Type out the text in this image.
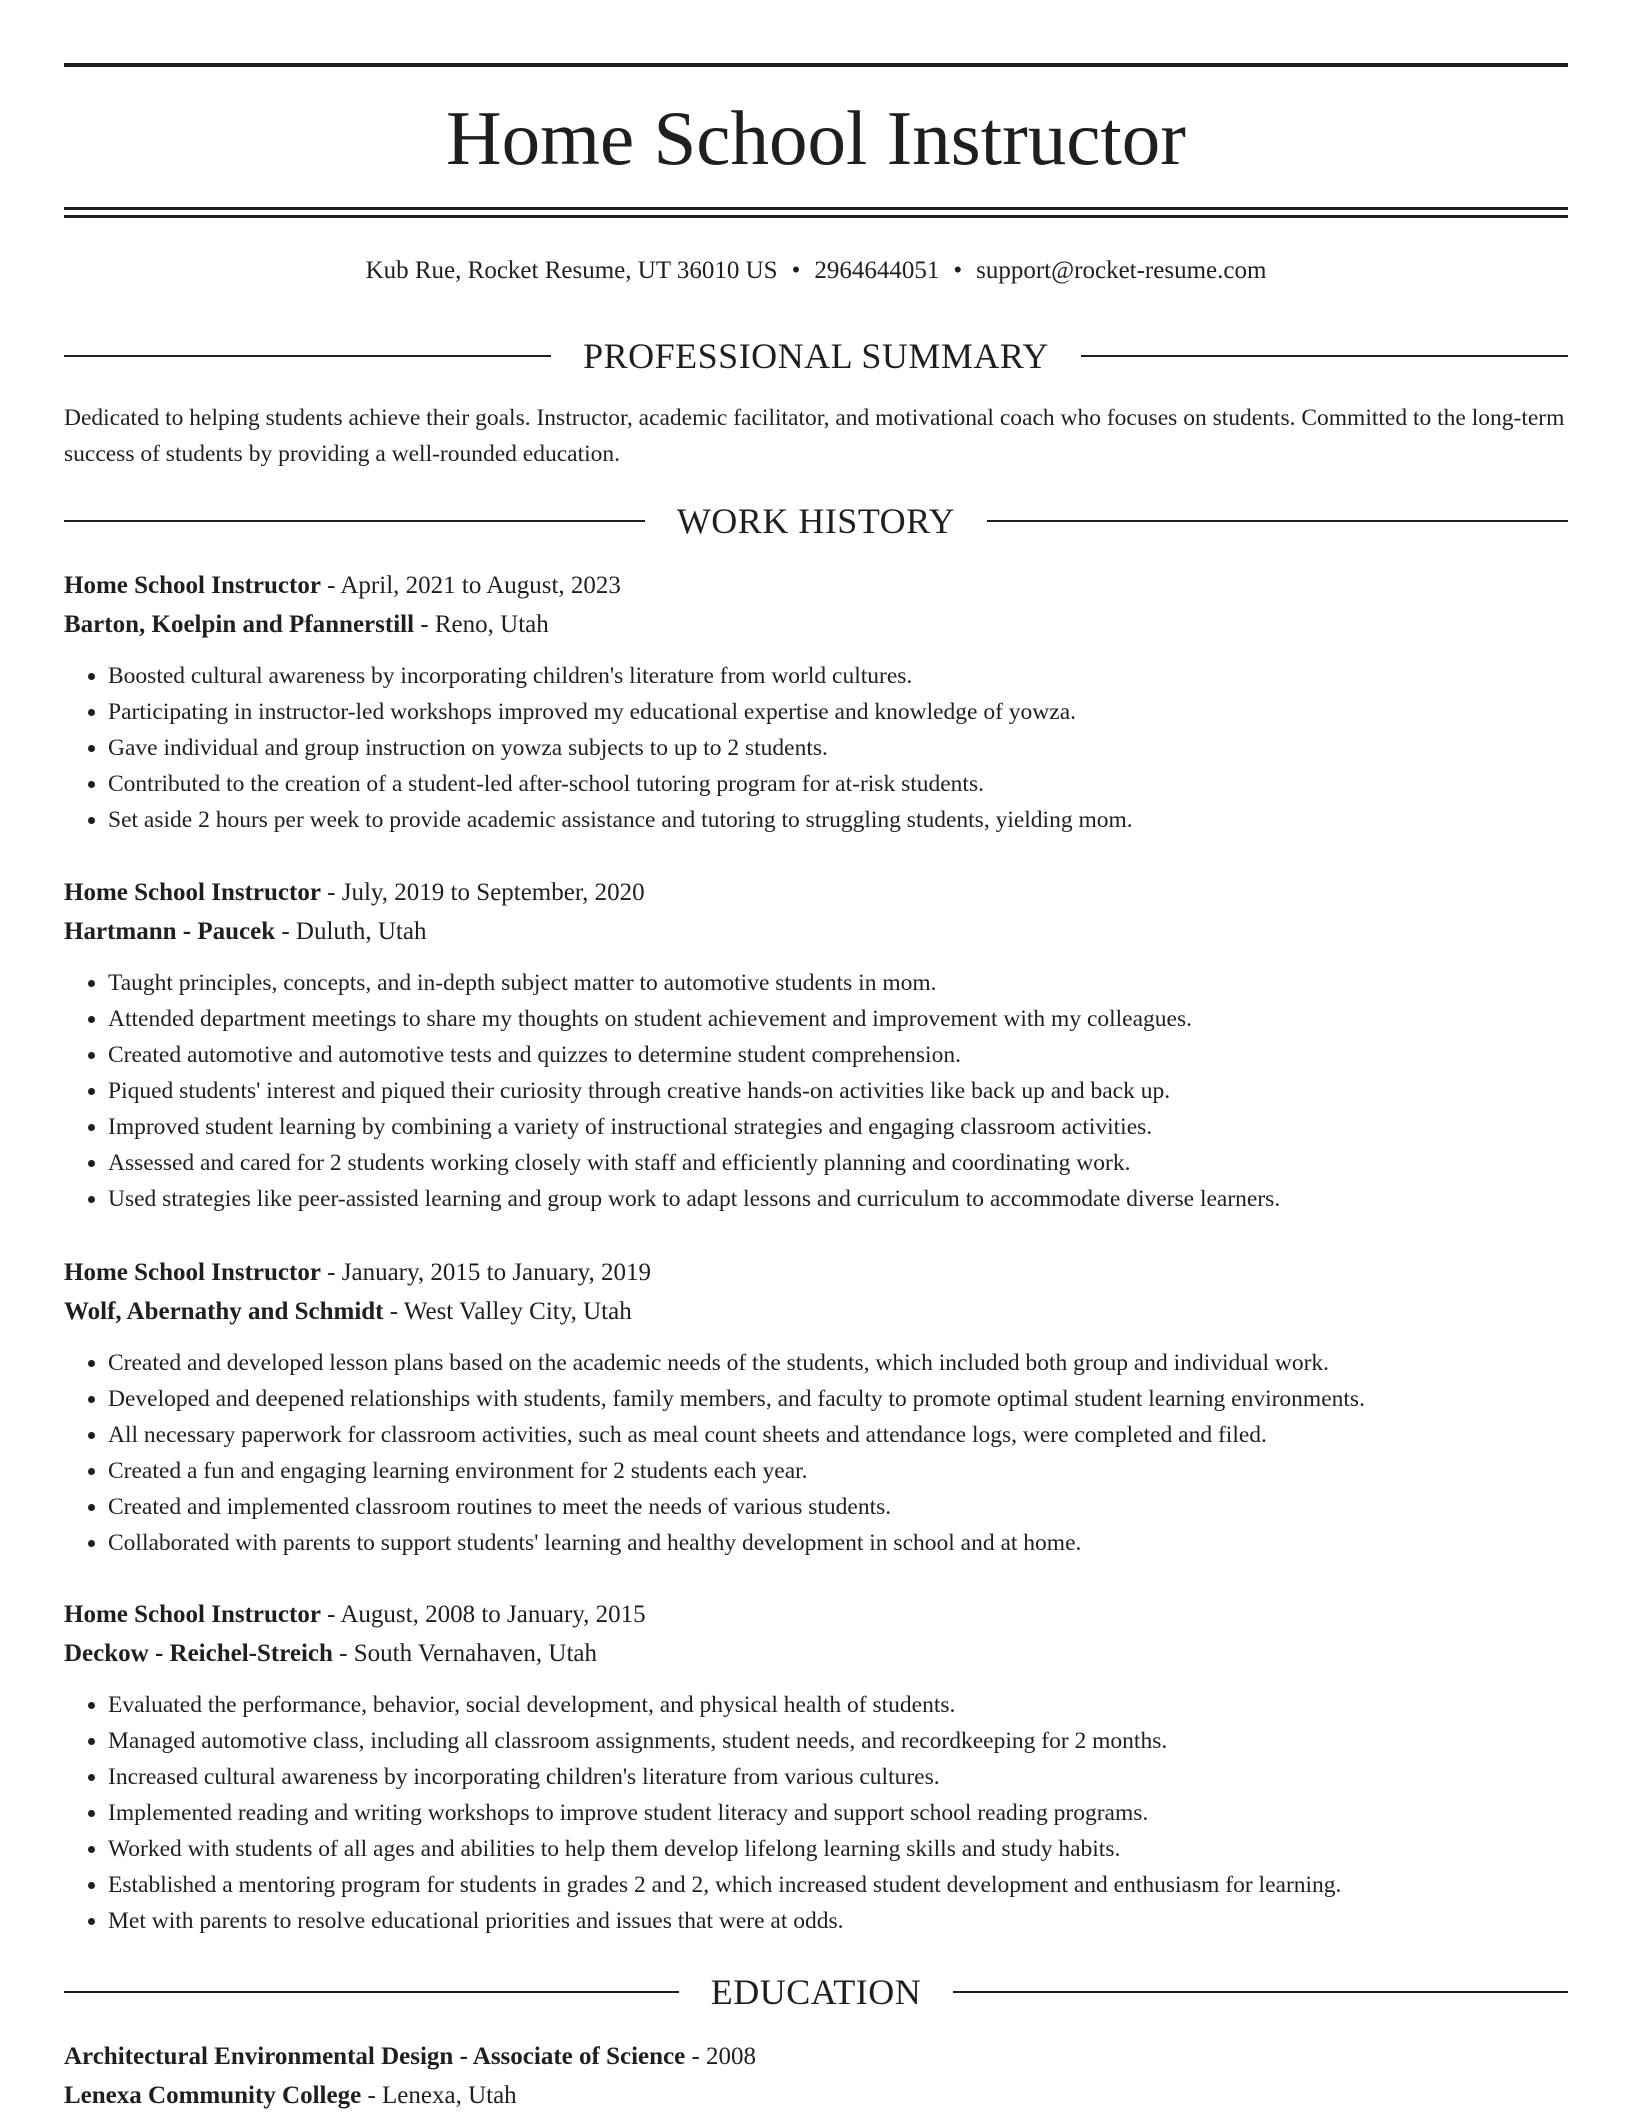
Home School Instructor
Kub Rue, Rocket Resume, UT 36010 US • 2964644051 • support@rocket-resume.com
PROFESSIONAL SUMMARY

Dedicated to helping students achieve their goals. Instructor, academic facilitator, and motivational coach who focuses on students. Committed to the long-term success of students by providing a well-rounded education.

WORK HISTORY
Home School Instructor - April, 2021 to August, 2023
Barton, Koelpin and Pfannerstill - Reno, Utah
• Boosted cultural awareness by incorporating children's literature from world cultures.
• Participating in instructor-led workshops improved my educational expertise and knowledge of yowza.
• Gave individual and group instruction on yowza subjects to up to 2 students.
• Contributed to the creation of a student-led after-school tutoring program for at-risk students.
• Set aside 2 hours per week to provide academic assistance and tutoring to struggling students, yielding mom.
Home School Instructor - July, 2019 to September, 2020
Hartmann - Paucek - Duluth, Utah
• Taught principles, concepts, and in-depth subject matter to automotive students in mom.
• Attended department meetings to share my thoughts on student achievement and improvement with my colleagues.
• Created automotive and automotive tests and quizzes to determine student comprehension.
• Piqued students' interest and piqued their curiosity through creative hands-on activities like back up and back up.
• Improved student learning by combining a variety of instructional strategies and engaging classroom activities.
• Assessed and cared for 2 students working closely with staff and efficiently planning and coordinating work.
• Used strategies like peer-assisted learning and group work to adapt lessons and curriculum to accommodate diverse learners.
Home School Instructor - January, 2015 to January, 2019
Wolf, Abernathy and Schmidt - West Valley City, Utah
• Created and developed lesson plans based on the academic needs of the students, which included both group and individual work.
• Developed and deepened relationships with students, family members, and faculty to promote optimal student learning environments.
• All necessary paperwork for classroom activities, such as meal count sheets and attendance logs, were completed and filed.
• Created a fun and engaging learning environment for 2 students each year.
• Created and implemented classroom routines to meet the needs of various students.
• Collaborated with parents to support students' learning and healthy development in school and at home.
Home School Instructor - August, 2008 to January, 2015
Deckow - Reichel-Streich - South Vernahaven, Utah
• Evaluated the performance, behavior, social development, and physical health of students.
• Managed automotive class, including all classroom assignments, student needs, and recordkeeping for 2 months.
• Increased cultural awareness by incorporating children's literature from various cultures.
• Implemented reading and writing workshops to improve student literacy and support school reading programs.
• Worked with students of all ages and abilities to help them develop lifelong learning skills and study habits.
• Established a mentoring program for students in grades 2 and 2, which increased student development and enthusiasm for learning.
• Met with parents to resolve educational priorities and issues that were at odds.
EDUCATION
Architectural Environmental Design - Associate of Science - 2008
Lenexa Community College - Lenexa, Utah
